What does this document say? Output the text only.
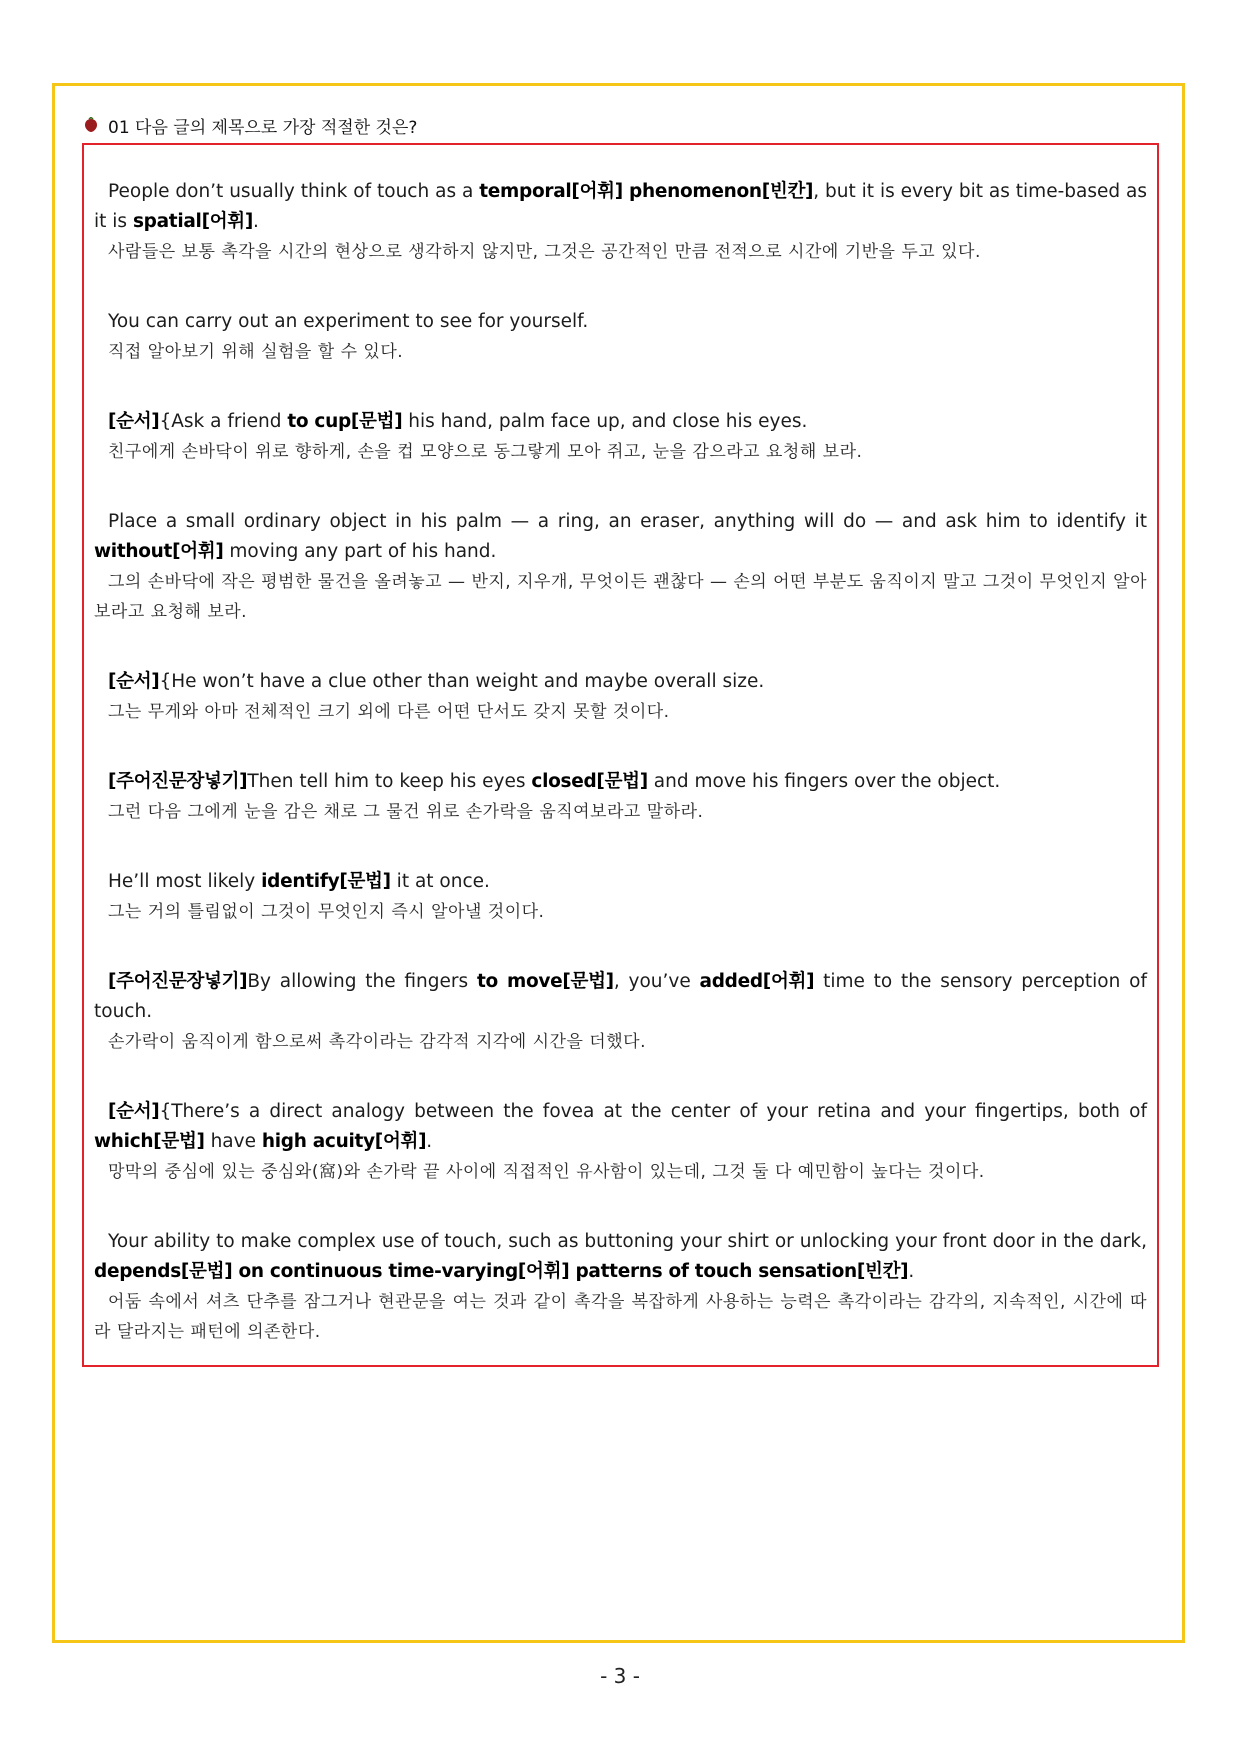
01 다음 글의 제목으로 가장 적절한 것은?

People don’t usually think of touch as a temporal[어휘] phenomenon[빈칸], but it is every bit as time-based as it is spatial[어휘].

사람들은 보통 촉각을 시간의 현상으로 생각하지 않지만, 그것은 공간적인 만큼 전적으로 시간에 기반을 두고 있다.

You can carry out an experiment to see for yourself.

직접 알아보기 위해 실험을 할 수 있다.

[순서]{Ask a friend to cup[문법] his hand, palm face up, and close his eyes.

친구에게 손바닥이 위로 향하게, 손을 컵 모양으로 동그랗게 모아 쥐고, 눈을 감으라고 요청해 보라.

Place a small ordinary object in his palm — a ring, an eraser, anything will do — and ask him to identify it without[어휘] moving any part of his hand.

그의 손바닥에 작은 평범한 물건을 올려놓고 — 반지, 지우개, 무엇이든 괜찮다 — 손의 어떤 부분도 움직이지 말고 그것이 무엇인지 알아보라고 요청해 보라.

[순서]{He won’t have a clue other than weight and maybe overall size.

그는 무게와 아마 전체적인 크기 외에 다른 어떤 단서도 갖지 못할 것이다.

[주어진문장넣기]Then tell him to keep his eyes closed[문법] and move his fingers over the object.

그런 다음 그에게 눈을 감은 채로 그 물건 위로 손가락을 움직여보라고 말하라.

He’ll most likely identify[문법] it at once.

그는 거의 틀림없이 그것이 무엇인지 즉시 알아낼 것이다.

[주어진문장넣기]By allowing the fingers to move[문법], you’ve added[어휘] time to the sensory perception of touch.

손가락이 움직이게 함으로써 촉각이라는 감각적 지각에 시간을 더했다.

[순서]{There’s a direct analogy between the fovea at the center of your retina and your fingertips, both of which[문법] have high acuity[어휘].

망막의 중심에 있는 중심와(窩)와 손가락 끝 사이에 직접적인 유사함이 있는데, 그것 둘 다 예민함이 높다는 것이다.

Your ability to make complex use of touch, such as buttoning your shirt or unlocking your front door in the dark, depends[문법] on continuous time-varying[어휘] patterns of touch sensation[빈칸].

어둠 속에서 셔츠 단추를 잠그거나 현관문을 여는 것과 같이 촉각을 복잡하게 사용하는 능력은 촉각이라는 감각의, 지속적인, 시간에 따라 달라지는 패턴에 의존한다.

- 3 -
